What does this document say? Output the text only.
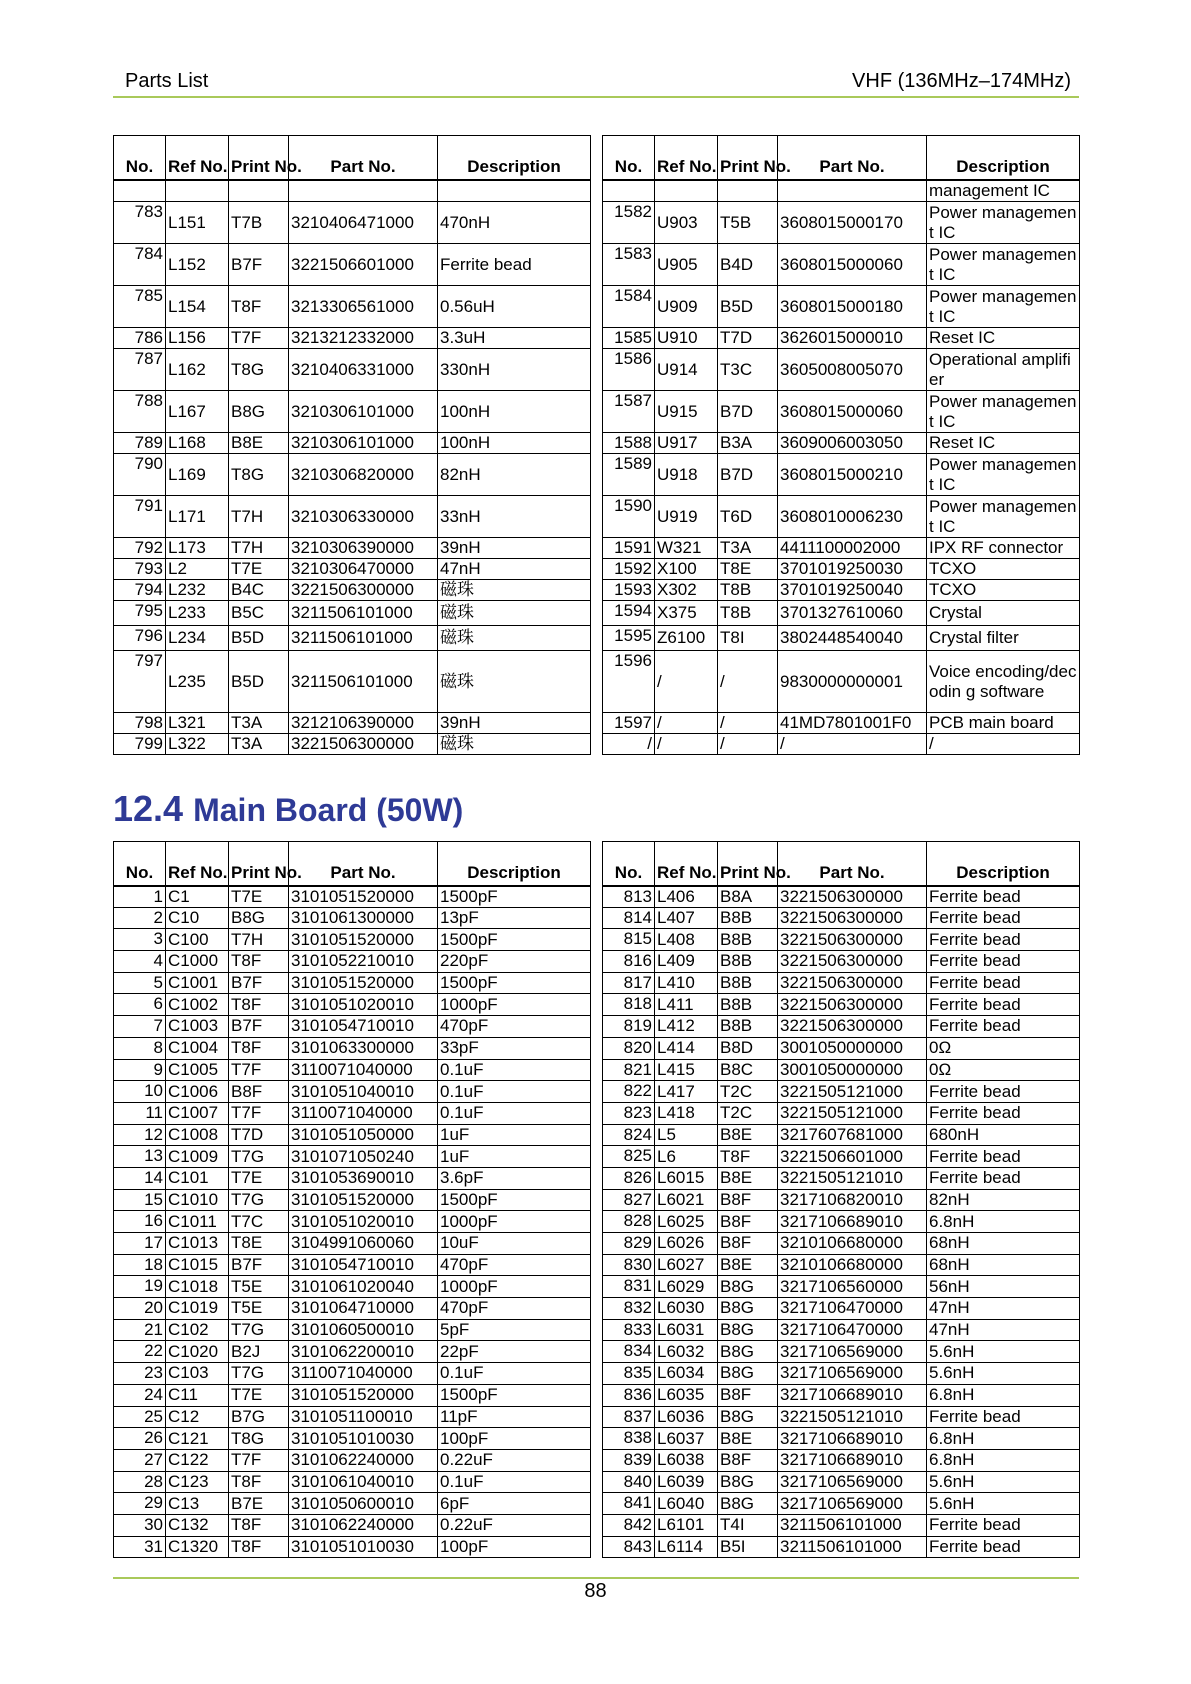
Parts List	VHF (136MHz–174MHz)
No.	Ref No.	Print No.	Part No.	Description

783	L151	T7B	3210406471000	470nH
784	L152	B7F	3221506601000	Ferrite bead
785	L154	T8F	3213306561000	0.56uH
786	L156	T7F	3213212332000	3.3uH
787	L162	T8G	3210406331000	330nH
788	L167	B8G	3210306101000	100nH
789	L168	B8E	3210306101000	100nH
790	L169	T8G	3210306820000	82nH
791	L171	T7H	3210306330000	33nH
792	L173	T7H	3210306390000	39nH
793	L2	T7E	3210306470000	47nH
794	L232	B4C	3221506300000	磁珠
795	L233	B5C	3211506101000	磁珠
796	L234	B5D	3211506101000	磁珠
797	L235	B5D	3211506101000	磁珠
798	L321	T3A	3212106390000	39nH
799	L322	T3A	3221506300000	磁珠
No.	Ref No.	Print No.	Part No.	Description
				management IC
1582	U903	T5B	3608015000170	Power management IC
1583	U905	B4D	3608015000060	Power management IC
1584	U909	B5D	3608015000180	Power management IC
1585	U910	T7D	3626015000010	Reset IC
1586	U914	T3C	3605008005070	Operational amplifier
1587	U915	B7D	3608015000060	Power management IC
1588	U917	B3A	3609006003050	Reset IC
1589	U918	B7D	3608015000210	Power management IC
1590	U919	T6D	3608010006230	Power management IC
1591	W321	T3A	4411100002000	IPX RF connector
1592	X100	T8E	3701019250030	TCXO
1593	X302	T8B	3701019250040	TCXO
1594	X375	T8B	3701327610060	Crystal
1595	Z6100	T8I	3802448540040	Crystal filter
1596	/	/	9830000000001	Voice encoding/decodin g software
1597	/	/	41MD7801001F0	PCB main board
/	/	/	/	/
12.4 Main Board (50W)
No.	Ref No.	Print No.	Part No.	Description
1	C1	T7E	3101051520000	1500pF
2	C10	B8G	3101061300000	13pF
3	C100	T7H	3101051520000	1500pF
4	C1000	T8F	3101052210010	220pF
5	C1001	B7F	3101051520000	1500pF
6	C1002	T8F	3101051020010	1000pF
7	C1003	B7F	3101054710010	470pF
8	C1004	T8F	3101063300000	33pF
9	C1005	T7F	3110071040000	0.1uF
10	C1006	B8F	3101051040010	0.1uF
11	C1007	T7F	3110071040000	0.1uF
12	C1008	T7D	3101051050000	1uF
13	C1009	T7G	3101071050240	1uF
14	C101	T7E	3101053690010	3.6pF
15	C1010	T7G	3101051520000	1500pF
16	C1011	T7C	3101051020010	1000pF
17	C1013	T8E	3104991060060	10uF
18	C1015	B7F	3101054710010	470pF
19	C1018	T5E	3101061020040	1000pF
20	C1019	T5E	3101064710000	470pF
21	C102	T7G	3101060500010	5pF
22	C1020	B2J	3101062200010	22pF
23	C103	T7G	3110071040000	0.1uF
24	C11	T7E	3101051520000	1500pF
25	C12	B7G	3101051100010	11pF
26	C121	T8G	3101051010030	100pF
27	C122	T7F	3101062240000	0.22uF
28	C123	T8F	3101061040010	0.1uF
29	C13	B7E	3101050600010	6pF
30	C132	T8F	3101062240000	0.22uF
31	C1320	T8F	3101051010030	100pF
No.	Ref No.	Print No.	Part No.	Description
813	L406	B8A	3221506300000	Ferrite bead
814	L407	B8B	3221506300000	Ferrite bead
815	L408	B8B	3221506300000	Ferrite bead
816	L409	B8B	3221506300000	Ferrite bead
817	L410	B8B	3221506300000	Ferrite bead
818	L411	B8B	3221506300000	Ferrite bead
819	L412	B8B	3221506300000	Ferrite bead
820	L414	B8D	3001050000000	0Ω
821	L415	B8C	3001050000000	0Ω
822	L417	T2C	3221505121000	Ferrite bead
823	L418	T2C	3221505121000	Ferrite bead
824	L5	B8E	3217607681000	680nH
825	L6	T8F	3221506601000	Ferrite bead
826	L6015	B8E	3221505121010	Ferrite bead
827	L6021	B8F	3217106820010	82nH
828	L6025	B8F	3217106689010	6.8nH
829	L6026	B8F	3210106680000	68nH
830	L6027	B8E	3210106680000	68nH
831	L6029	B8G	3217106560000	56nH
832	L6030	B8G	3217106470000	47nH
833	L6031	B8G	3217106470000	47nH
834	L6032	B8G	3217106569000	5.6nH
835	L6034	B8G	3217106569000	5.6nH
836	L6035	B8F	3217106689010	6.8nH
837	L6036	B8G	3221505121010	Ferrite bead
838	L6037	B8E	3217106689010	6.8nH
839	L6038	B8F	3217106689010	6.8nH
840	L6039	B8G	3217106569000	5.6nH
841	L6040	B8G	3217106569000	5.6nH
842	L6101	T4I	3211506101000	Ferrite bead
843	L6114	B5I	3211506101000	Ferrite bead
88
